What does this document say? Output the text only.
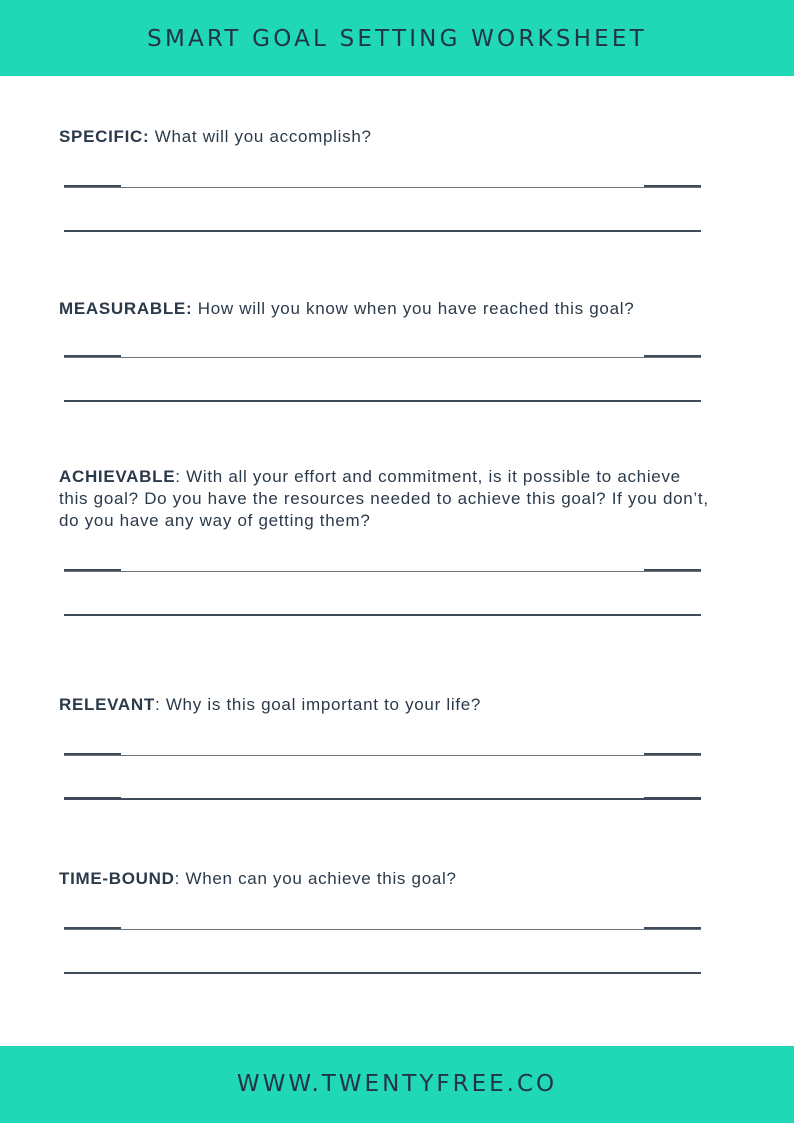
SMART GOAL SETTING WORKSHEET

SPECIFIC: What will you accomplish?

MEASURABLE: How will you know when you have reached this goal?

ACHIEVABLE: With all your effort and commitment, is it possible to achieve this goal? Do you have the resources needed to achieve this goal? If you don’t, do you have any way of getting them?

RELEVANT: Why is this goal important to your life?

TIME-BOUND: When can you achieve this goal?

WWW.TWENTYFREE.CO
